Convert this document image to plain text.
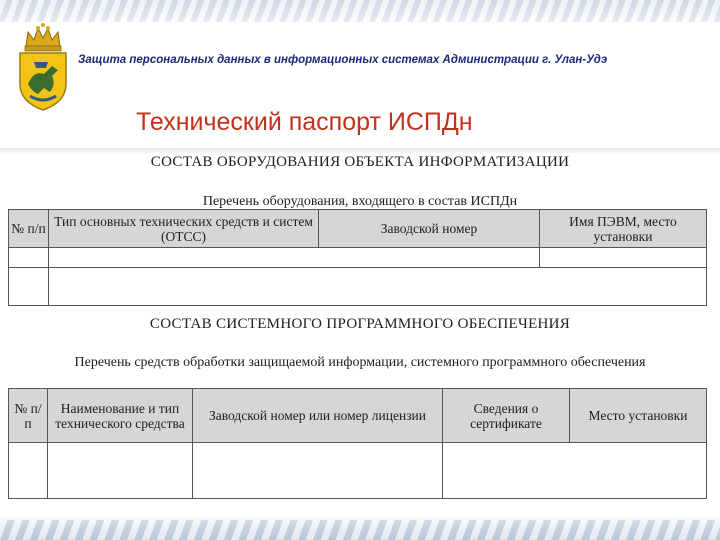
Защита персональных данных в информационных системах Администрации г. Улан-Удэ
Технический паспорт ИСПДн
СОСТАВ ОБОРУДОВАНИЯ ОБЪЕКТА ИНФОРМАТИЗАЦИИ
Перечень оборудования, входящего в состав ИСПДн
№ п/п	Тип основных технических средств и систем (ОТСС)	Заводской номер	Имя ПЭВМ, место установки

СОСТАВ СИСТЕМНОГО ПРОГРАММНОГО ОБЕСПЕЧЕНИЯ
Перечень средств обработки защищаемой информации, системного программного обеспечения
№ п/п	Наименование и тип технического средства	Заводской номер или номер лицензии	Сведения о сертификате	Место установки
